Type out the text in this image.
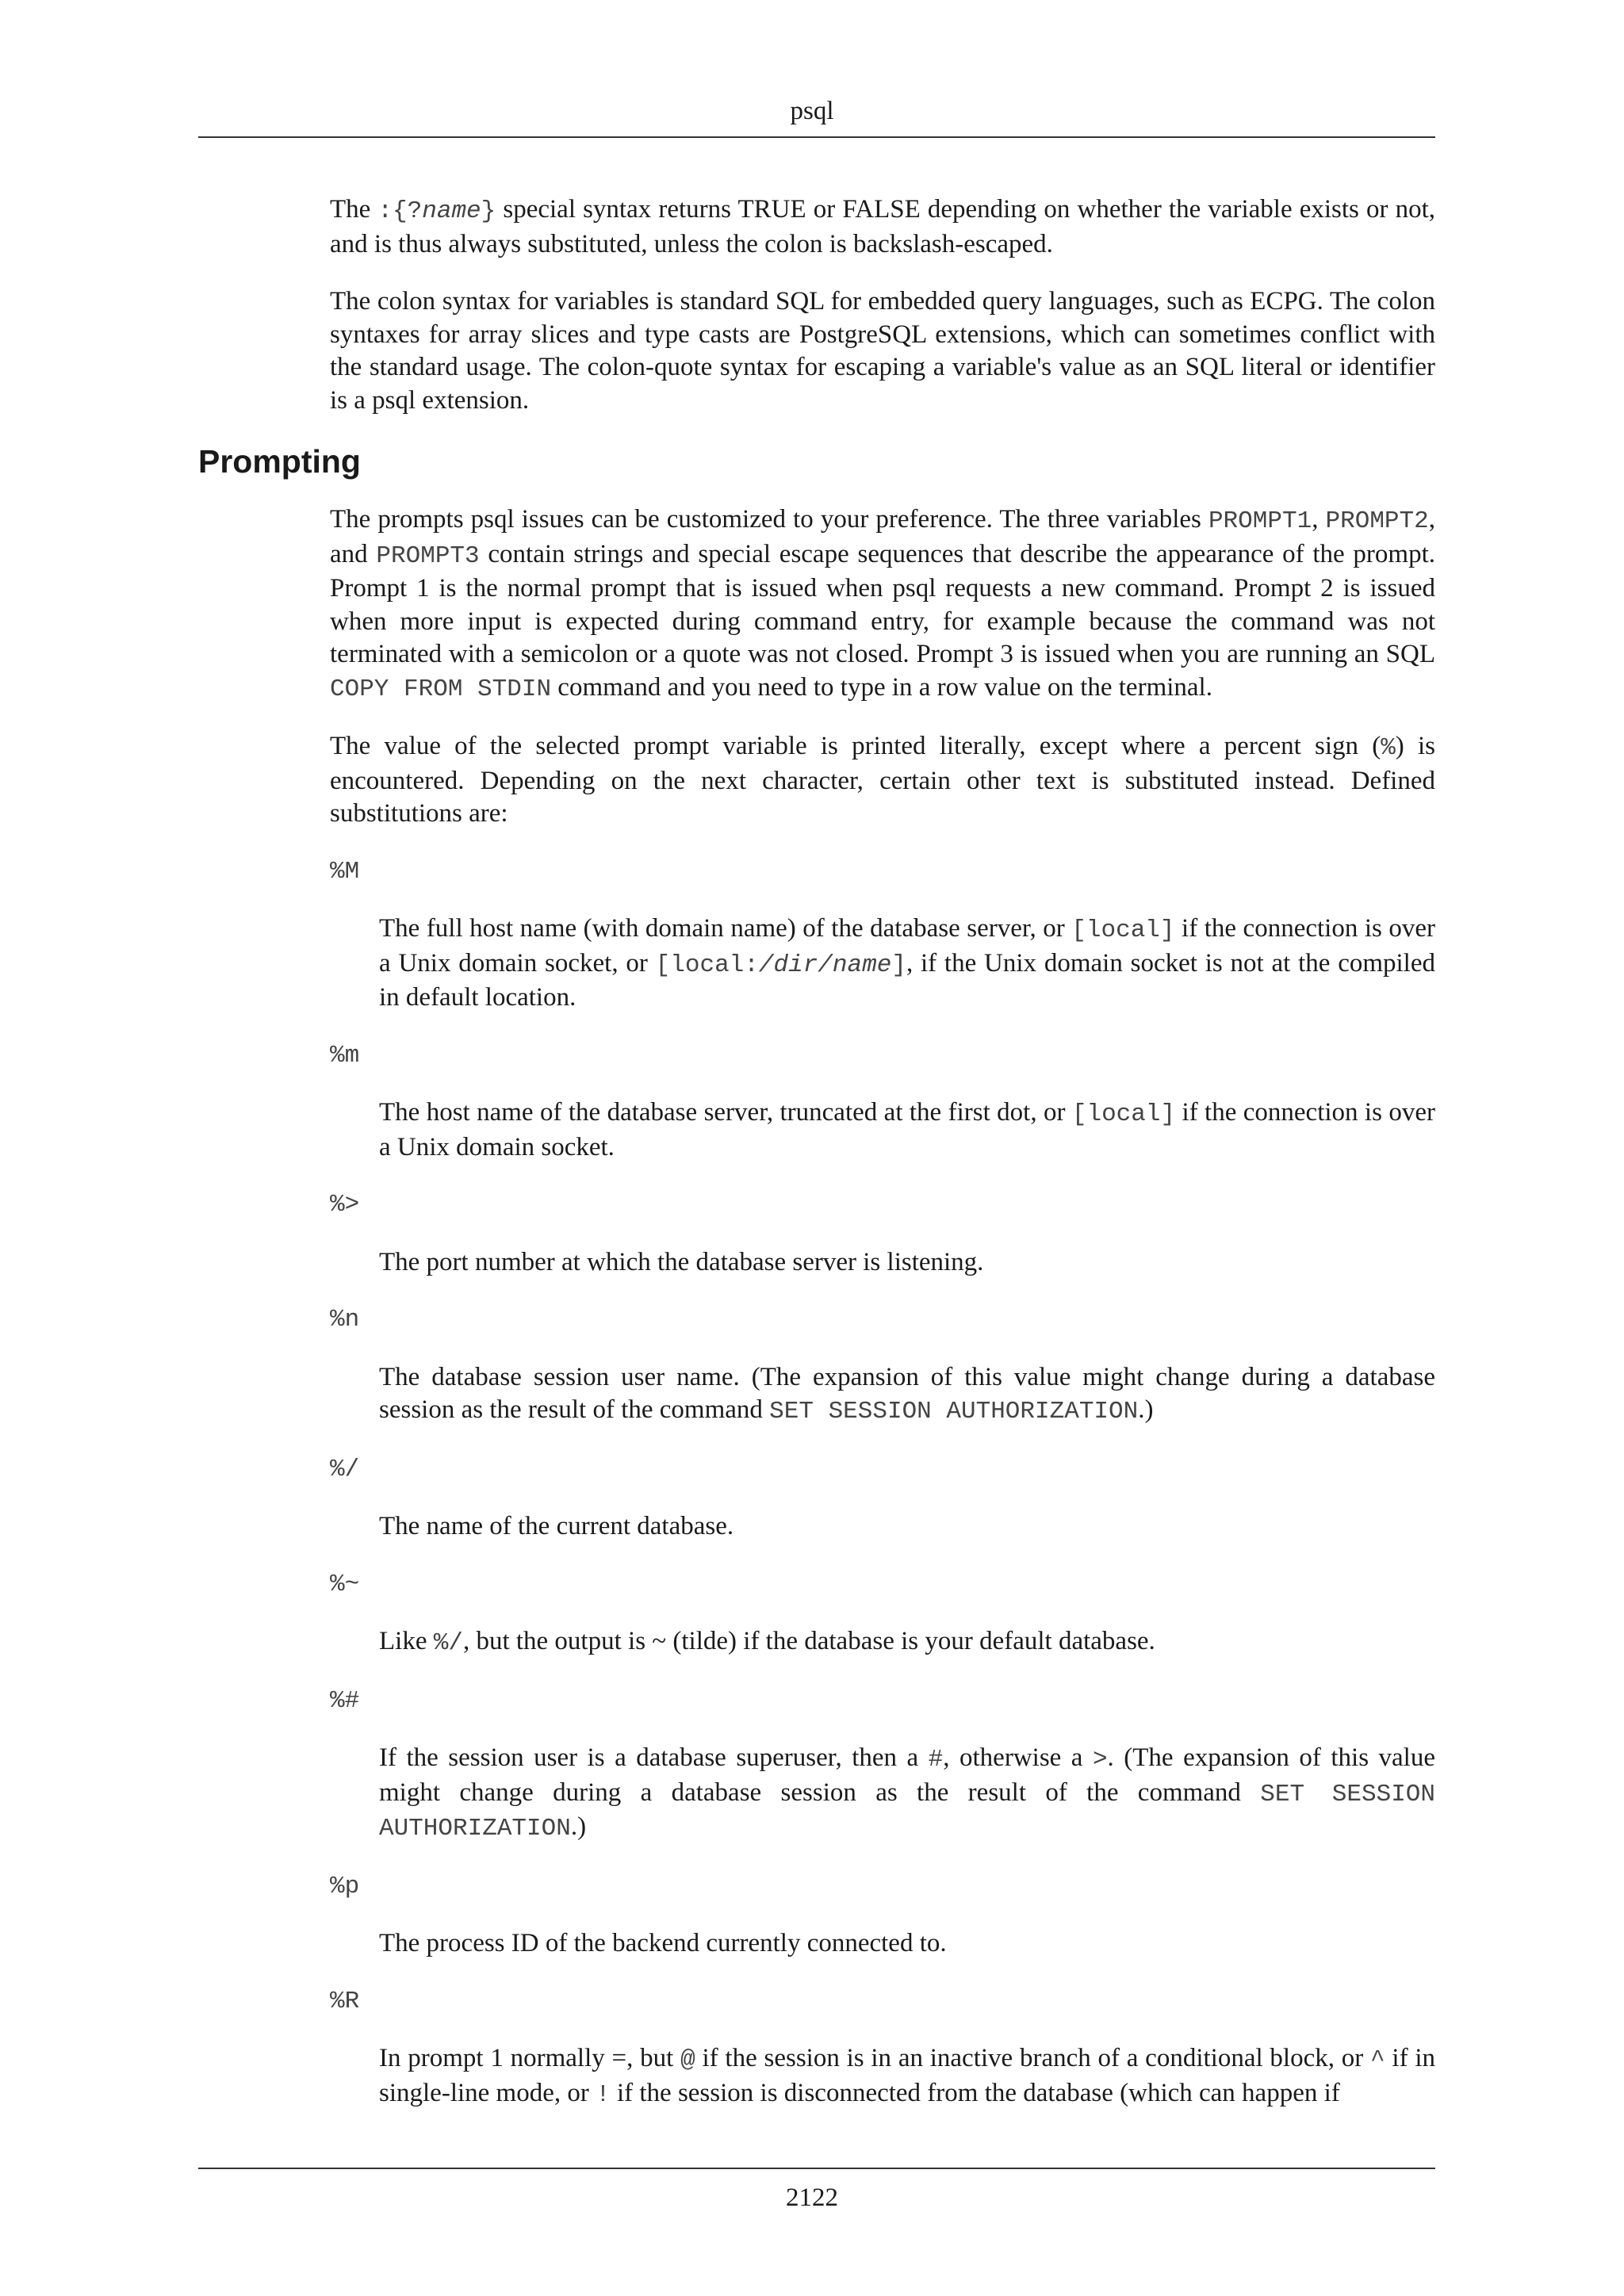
psql

The :{?name} special syntax returns TRUE or FALSE depending on whether the variable exists or not, and is thus always substituted, unless the colon is backslash-escaped.

The colon syntax for variables is standard SQL for embedded query languages, such as ECPG. The colon syntaxes for array slices and type casts are PostgreSQL extensions, which can sometimes conflict with the standard usage. The colon-quote syntax for escaping a variable's value as an SQL literal or identifier is a psql extension.

Prompting

The prompts psql issues can be customized to your preference. The three variables PROMPT1, PROMPT2, and PROMPT3 contain strings and special escape sequences that describe the appearance of the prompt. Prompt 1 is the normal prompt that is issued when psql requests a new command. Prompt 2 is issued when more input is expected during command entry, for example because the command was not terminated with a semicolon or a quote was not closed. Prompt 3 is issued when you are running an SQL COPY FROM STDIN command and you need to type in a row value on the terminal.

The value of the selected prompt variable is printed literally, except where a percent sign (%) is encountered. Depending on the next character, certain other text is substituted instead. Defined substitutions are:

%M

The full host name (with domain name) of the database server, or [local] if the connection is over a Unix domain socket, or [local:/dir/name], if the Unix domain socket is not at the compiled in default location.

%m

The host name of the database server, truncated at the first dot, or [local] if the connection is over a Unix domain socket.

%>

The port number at which the database server is listening.

%n

The database session user name. (The expansion of this value might change during a database session as the result of the command SET SESSION AUTHORIZATION.)

%/

The name of the current database.

%~

Like %/, but the output is ~ (tilde) if the database is your default database.

%#

If the session user is a database superuser, then a #, otherwise a >. (The expansion of this value might change during a database session as the result of the command SET SESSION AUTHORIZATION.)

%p

The process ID of the backend currently connected to.

%R

In prompt 1 normally =, but @ if the session is in an inactive branch of a conditional block, or ^ if in single-line mode, or ! if the session is disconnected from the database (which can happen if

2122
